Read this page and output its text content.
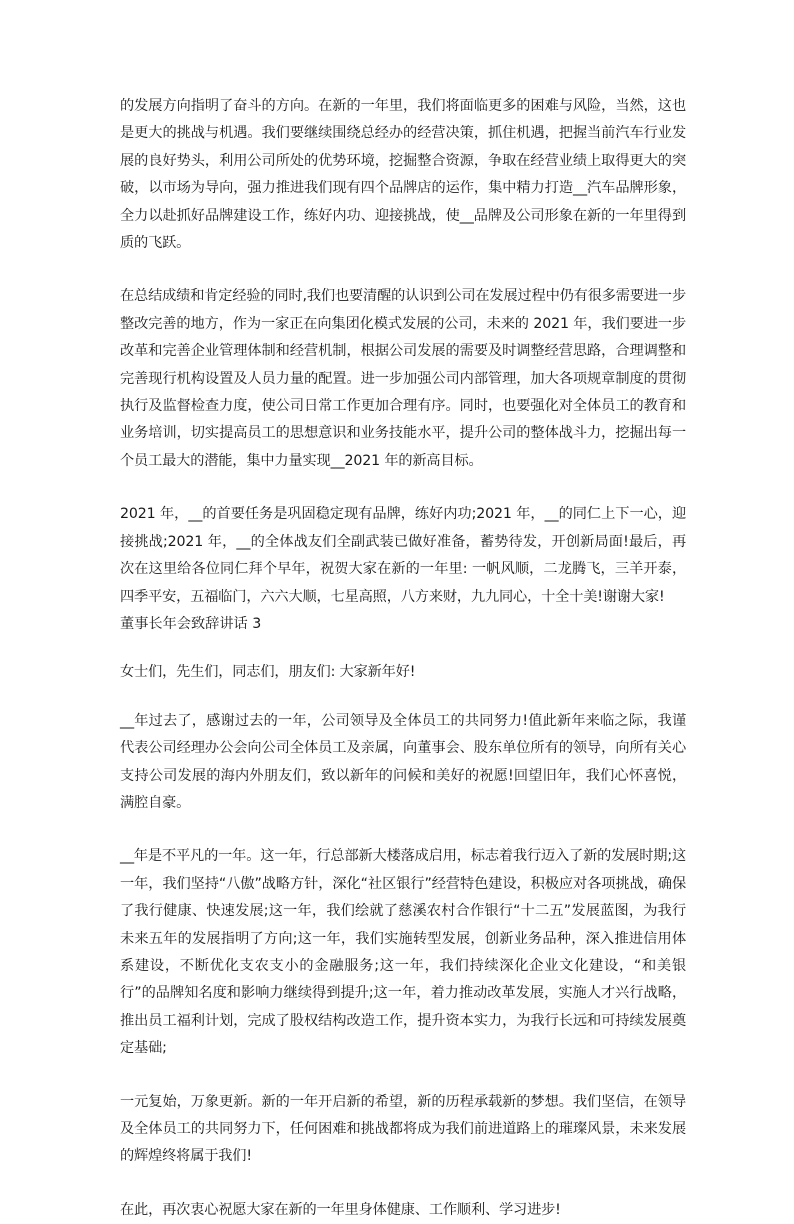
的发展方向指明了奋斗的方向。在新的一年里，我们将面临更多的困难与风险，当然，这也是更大的挑战与机遇。我们要继续围绕总经办的经营决策，抓住机遇，把握当前汽车行业发展的良好势头，利用公司所处的优势环境，挖掘整合资源，争取在经营业绩上取得更大的突破，以市场为导向，强力推进我们现有四个品牌店的运作，集中精力打造__汽车品牌形象，全力以赴抓好品牌建设工作，练好内功、迎接挑战，使__品牌及公司形象在新的一年里得到质的飞跃。

在总结成绩和肯定经验的同时,我们也要清醒的认识到公司在发展过程中仍有很多需要进一步整改完善的地方，作为一家正在向集团化模式发展的公司，未来的 2021 年，我们要进一步改革和完善企业管理体制和经营机制，根据公司发展的需要及时调整经营思路，合理调整和完善现行机构设置及人员力量的配置。进一步加强公司内部管理，加大各项规章制度的贯彻执行及监督检查力度，使公司日常工作更加合理有序。同时，也要强化对全体员工的教育和业务培训，切实提高员工的思想意识和业务技能水平，提升公司的整体战斗力，挖掘出每一个员工最大的潜能，集中力量实现__2021 年的新高目标。

2021 年，__的首要任务是巩固稳定现有品牌，练好内功;2021 年，__的同仁上下一心，迎接挑战;2021 年，__的全体战友们全副武装已做好准备，蓄势待发，开创新局面!最后，再次在这里给各位同仁拜个早年，祝贺大家在新的一年里: 一帆风顺，二龙腾飞，三羊开泰，四季平安，五福临门，六六大顺，七星高照，八方来财，九九同心，十全十美!谢谢大家!

董事长年会致辞讲话 3

女士们，先生们，同志们，朋友们: 大家新年好!

__年过去了，感谢过去的一年，公司领导及全体员工的共同努力!值此新年来临之际，我谨代表公司经理办公会向公司全体员工及亲属，向董事会、股东单位所有的领导，向所有关心支持公司发展的海内外朋友们，致以新年的问候和美好的祝愿!回望旧年，我们心怀喜悦，满腔自豪。

__年是不平凡的一年。这一年，行总部新大楼落成启用，标志着我行迈入了新的发展时期;这一年，我们坚持“八傲”战略方针，深化“社区银行”经营特色建设，积极应对各项挑战，确保了我行健康、快速发展;这一年，我们绘就了慈溪农村合作银行“十二五”发展蓝图，为我行未来五年的发展指明了方向;这一年，我们实施转型发展，创新业务品种，深入推进信用体系建设，不断优化支农支小的金融服务;这一年，我们持续深化企业文化建设，“和美银行”的品牌知名度和影响力继续得到提升;这一年，着力推动改革发展，实施人才兴行战略，推出员工福利计划，完成了股权结构改造工作，提升资本实力，为我行长远和可持续发展奠定基础;

一元复始，万象更新。新的一年开启新的希望，新的历程承载新的梦想。我们坚信，在领导及全体员工的共同努力下，任何困难和挑战都将成为我们前进道路上的璀璨风景，未来发展的辉煌终将属于我们!

在此，再次衷心祝愿大家在新的一年里身体健康、工作顺利、学习进步!
